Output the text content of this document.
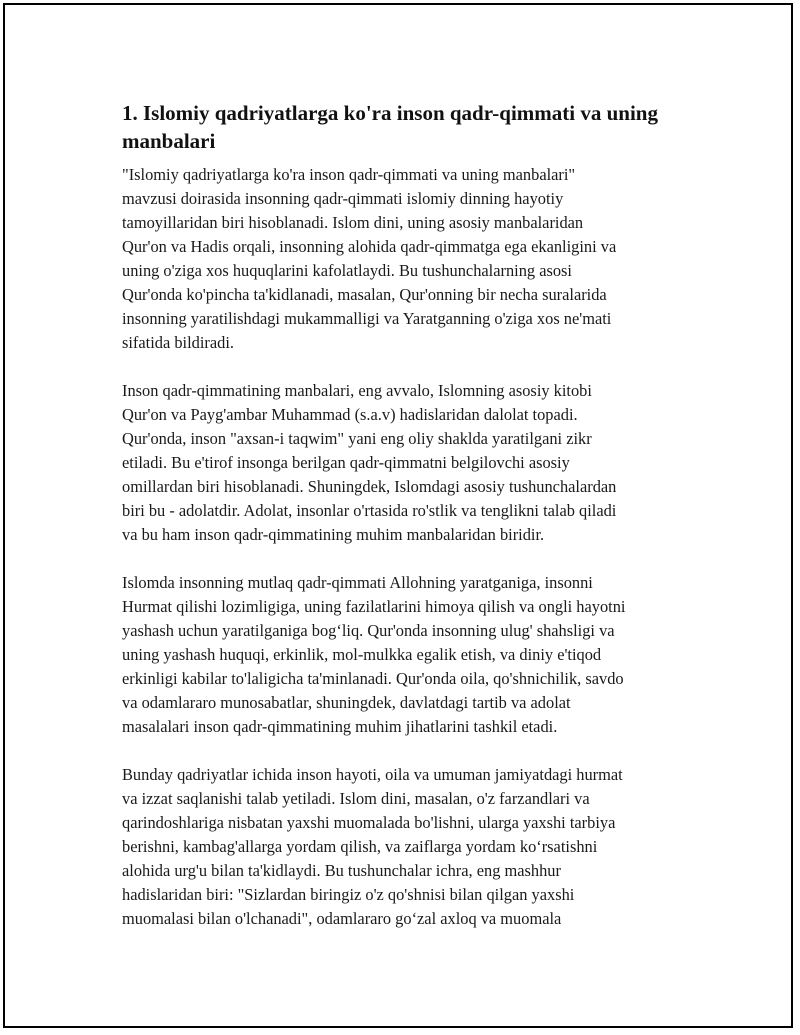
1. Islomiy qadriyatlarga ko'ra inson qadr-qimmati va uning
manbalari

"Islomiy qadriyatlarga ko'ra inson qadr-qimmati va uning manbalari"
mavzusi doirasida insonning qadr-qimmati islomiy dinning hayotiy
tamoyillaridan biri hisoblanadi. Islom dini, uning asosiy manbalaridan
Qur'on va Hadis orqali, insonning alohida qadr-qimmatga ega ekanligini va
uning o'ziga xos huquqlarini kafolatlaydi. Bu tushunchalarning asosi
Qur'onda ko'pincha ta'kidlanadi, masalan, Qur'onning bir necha suralarida
insonning yaratilishdagi mukammalligi va Yaratganning o'ziga xos ne'mati
sifatida bildiradi.

Inson qadr-qimmatining manbalari, eng avvalo, Islomning asosiy kitobi
Qur'on va Payg'ambar Muhammad (s.a.v) hadislaridan dalolat topadi.
Qur'onda, inson "axsan-i taqwim" yani eng oliy shaklda yaratilgani zikr
etiladi. Bu e'tirof insonga berilgan qadr-qimmatni belgilovchi asosiy
omillardan biri hisoblanadi. Shuningdek, Islomdagi asosiy tushunchalardan
biri bu - adolatdir. Adolat, insonlar o'rtasida ro'stlik va tenglikni talab qiladi
va bu ham inson qadr-qimmatining muhim manbalaridan biridir.

Islomda insonning mutlaq qadr-qimmati Allohning yaratganiga, insonni
Hurmat qilishi lozimligiga, uning fazilatlarini himoya qilish va ongli hayotni
yashash uchun yaratilganiga bog‘liq. Qur'onda insonning ulug' shahsligi va
uning yashash huquqi, erkinlik, mol-mulkka egalik etish, va diniy e'tiqod
erkinligi kabilar to'laligicha ta'minlanadi. Qur'onda oila, qo'shnichilik, savdo
va odamlararo munosabatlar, shuningdek, davlatdagi tartib va adolat
masalalari inson qadr-qimmatining muhim jihatlarini tashkil etadi.

Bunday qadriyatlar ichida inson hayoti, oila va umuman jamiyatdagi hurmat
va izzat saqlanishi talab yetiladi. Islom dini, masalan, o'z farzandlari va
qarindoshlariga nisbatan yaxshi muomalada bo'lishni, ularga yaxshi tarbiya
berishni, kambag'allarga yordam qilish, va zaiflarga yordam ko‘rsatishni
alohida urg'u bilan ta'kidlaydi. Bu tushunchalar ichra, eng mashhur
hadislaridan biri: "Sizlardan biringiz o'z qo'shnisi bilan qilgan yaxshi
muomalasi bilan o'lchanadi", odamlararo go‘zal axloq va muomala
